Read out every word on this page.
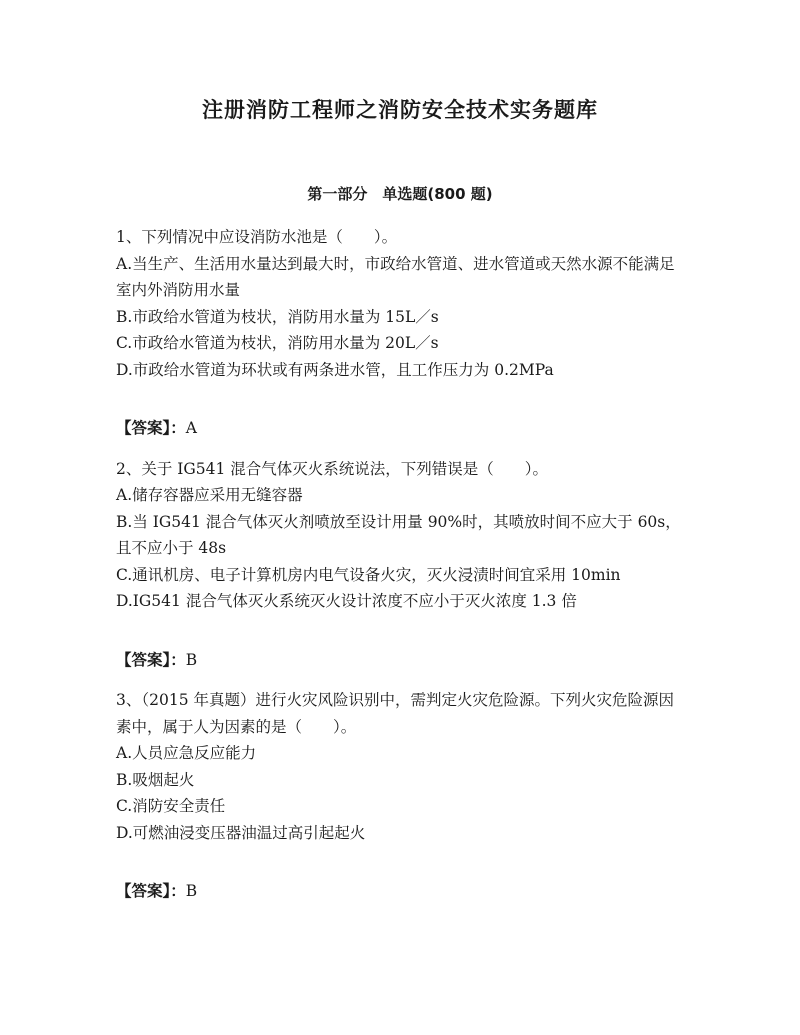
注册消防工程师之消防安全技术实务题库
第一部分　单选题(800 题)

1、下列情况中应设消防水池是（　　）。

A.当生产、生活用水量达到最大时，市政给水管道、进水管道或天然水源不能满足室内外消防用水量

B.市政给水管道为枝状，消防用水量为 15L／s

C.市政给水管道为枝状，消防用水量为 20L／s

D.市政给水管道为环状或有两条进水管，且工作压力为 0.2MPa

【答案】：A

2、关于 IG541 混合气体灭火系统说法，下列错误是（　　）。

A.储存容器应采用无缝容器

B.当 IG541 混合气体灭火剂喷放至设计用量 90%时，其喷放时间不应大于 60s，且不应小于 48s

C.通讯机房、电子计算机房内电气设备火灾，灭火浸渍时间宜采用 10min

D.IG541 混合气体灭火系统灭火设计浓度不应小于灭火浓度 1.3 倍

【答案】：B

3、（2015 年真题）进行火灾风险识别中，需判定火灾危险源。下列火灾危险源因素中，属于人为因素的是（　　）。

A.人员应急反应能力

B.吸烟起火

C.消防安全责任

D.可燃油浸变压器油温过高引起起火

【答案】：B
